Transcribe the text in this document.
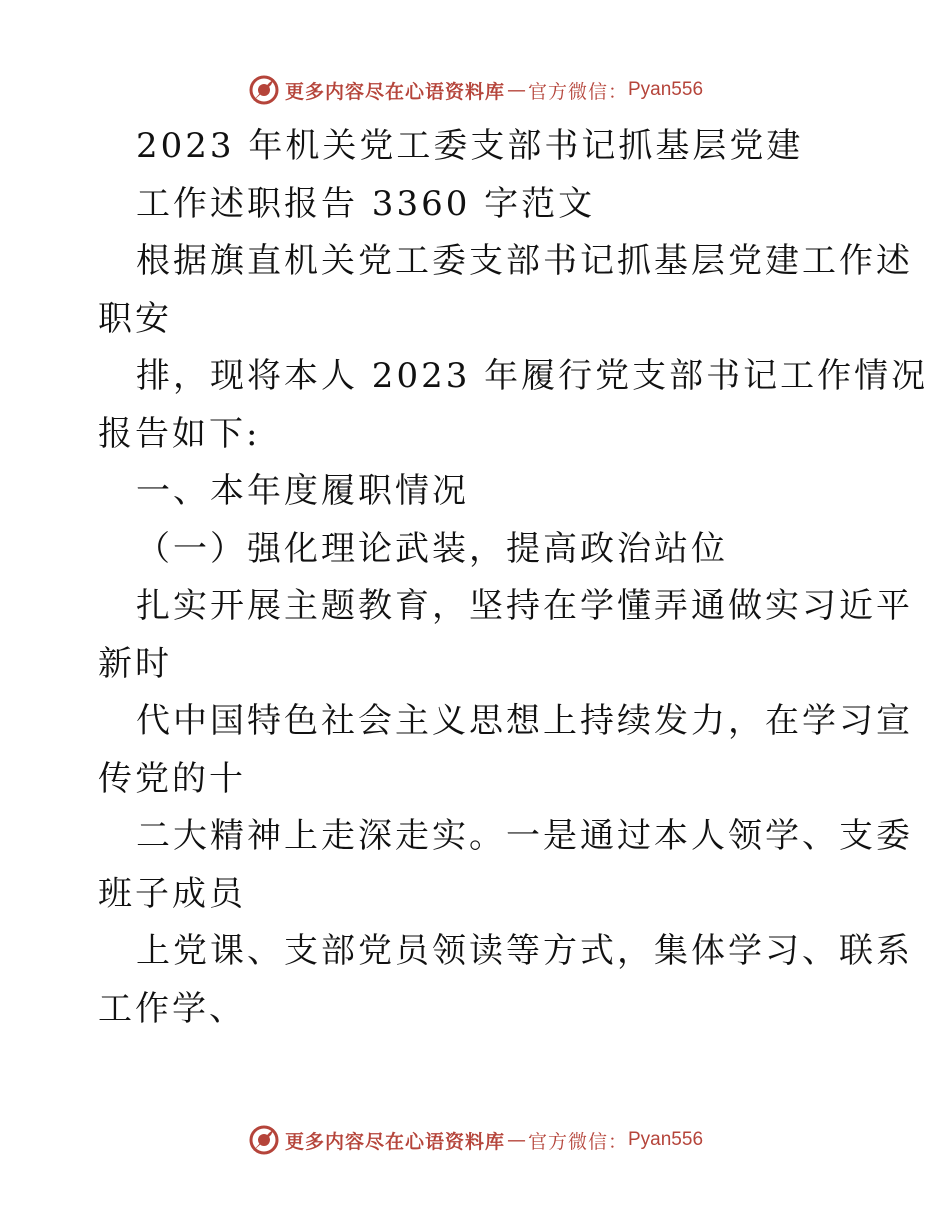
更多内容尽在心语资料库 — 官方微信： Pyan556
2023 年机关党工委支部书记抓基层党建
工作述职报告 3360 字范文
根据旗直机关党工委支部书记抓基层党建工作述
职安
排，现将本人 2023 年履行党支部书记工作情况
报告如下:
一、本年度履职情况
（一）强化理论武装，提高政治站位
扎实开展主题教育，坚持在学懂弄通做实习近平
新时
代中国特色社会主义思想上持续发力，在学习宣
传党的十
二大精神上走深走实。一是通过本人领学、支委
班子成员
上党课、支部党员领读等方式，集体学习、联系
工作学、
更多内容尽在心语资料库 — 官方微信： Pyan556
